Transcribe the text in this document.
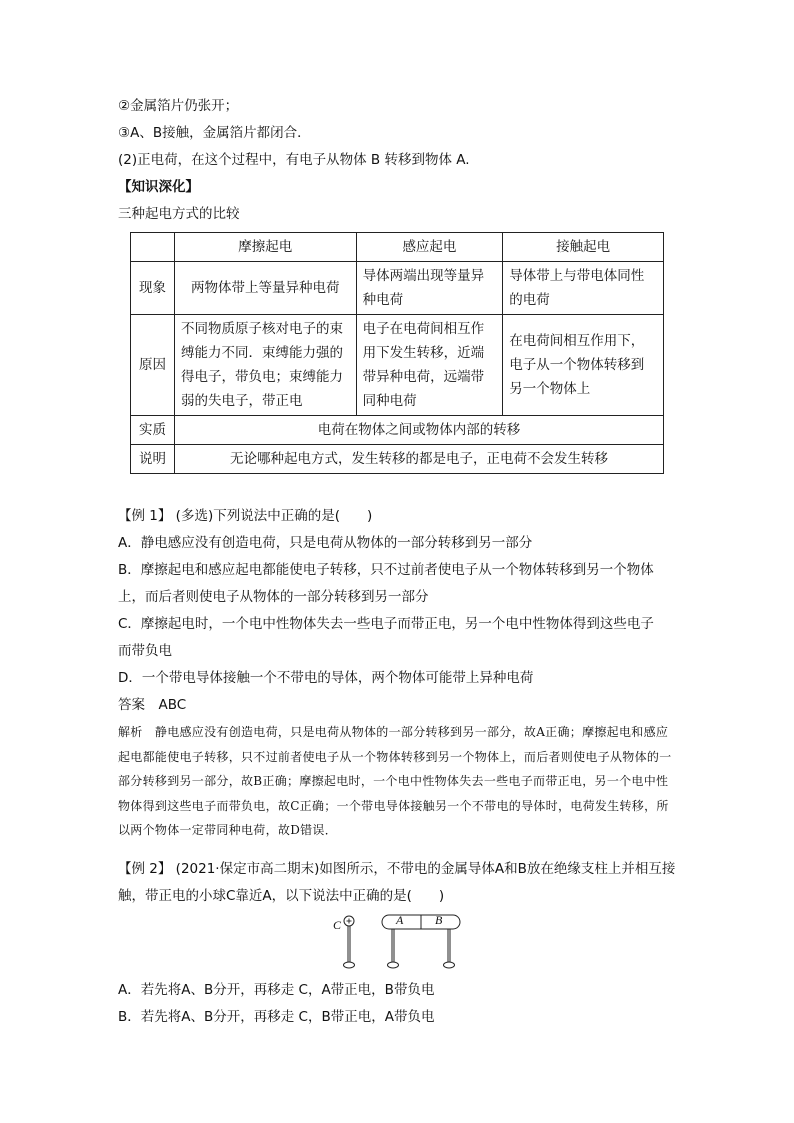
②金属箔片仍张开；
③A、B接触，金属箔片都闭合．
(2)正电荷，在这个过程中，有电子从物体 B 转移到物体 A.
【知识深化】
三种起电方式的比较
	摩擦起电	感应起电	接触起电
现象	两物体带上等量异种电荷	导体两端出现等量异种电荷	导体带上与带电体同性的电荷
原因	不同物质原子核对电子的束缚能力不同．束缚能力强的得电子，带负电；束缚能力弱的失电子，带正电	电子在电荷间相互作用下发生转移，近端带异种电荷，远端带同种电荷	在电荷间相互作用下，电子从一个物体转移到另一个物体上
实质	电荷在物体之间或物体内部的转移		
说明	无论哪种起电方式，发生转移的都是电子，正电荷不会发生转移		
【例 1】 (多选)下列说法中正确的是(　　)
A．静电感应没有创造电荷，只是电荷从物体的一部分转移到另一部分
B．摩擦起电和感应起电都能使电子转移，只不过前者使电子从一个物体转移到另一个物体
上，而后者则使电子从物体的一部分转移到另一部分
C．摩擦起电时，一个电中性物体失去一些电子而带正电，另一个电中性物体得到这些电子
而带负电
D．一个带电导体接触一个不带电的导体，两个物体可能带上异种电荷
答案　ABC
解析　静电感应没有创造电荷，只是电荷从物体的一部分转移到另一部分，故A正确；摩擦起电和感应起电都能使电子转移，只不过前者使电子从一个物体转移到另一个物体上，而后者则使电子从物体的一部分转移到另一部分，故B正确；摩擦起电时，一个电中性物体失去一些电子而带正电，另一个电中性物体得到这些电子而带负电，故C正确；一个带电导体接触另一个不带电的导体时，电荷发生转移，所以两个物体一定带同种电荷，故D错误．
【例 2】 (2021·保定市高二期末)如图所示，不带电的金属导体A和B放在绝缘支柱上并相互接
触，带正电的小球C靠近A，以下说法中正确的是(　　)
C	A	B
A．若先将A、B分开，再移走 C，A带正电，B带负电
B．若先将A、B分开，再移走 C，B带正电，A带负电
